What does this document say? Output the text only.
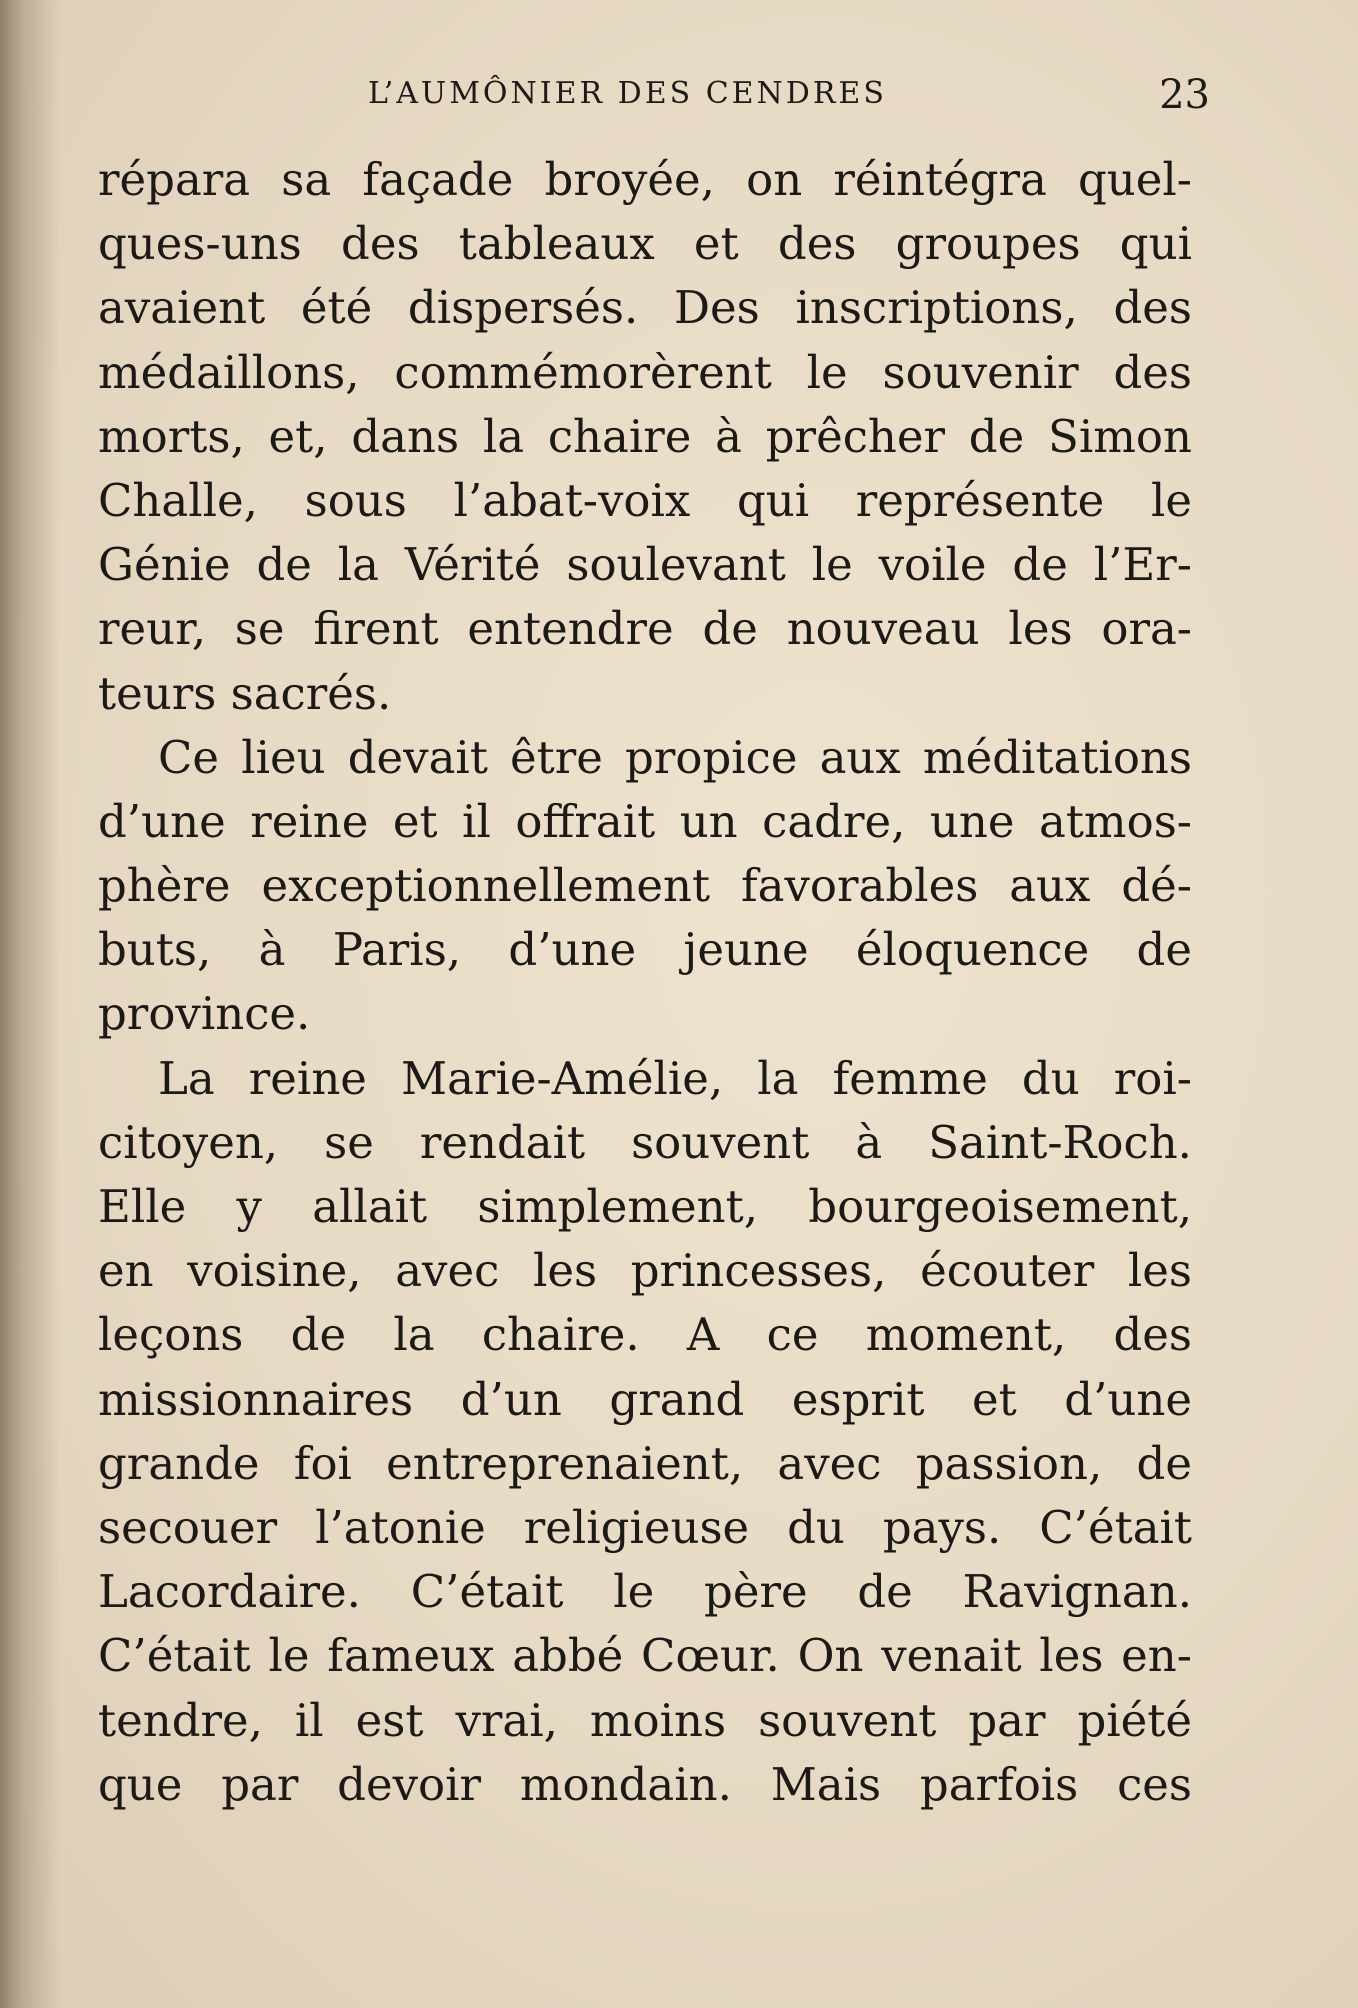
L’AUMÔNIER DES CENDRES	23
répara sa façade broyée, on réintégra quel-
ques-uns des tableaux et des groupes qui
avaient été dispersés. Des inscriptions, des
médaillons, commémorèrent le souvenir des
morts, et, dans la chaire à prêcher de Simon
Challe, sous l’abat-voix qui représente le
Génie de la Vérité soulevant le voile de l’Er-
reur, se firent entendre de nouveau les ora-
teurs sacrés.
Ce lieu devait être propice aux méditations
d’une reine et il offrait un cadre, une atmos-
phère exceptionnellement favorables aux dé-
buts, à Paris, d’une jeune éloquence de
province.
La reine Marie-Amélie, la femme du roi-
citoyen, se rendait souvent à Saint-Roch.
Elle y allait simplement, bourgeoisement,
en voisine, avec les princesses, écouter les
leçons de la chaire. A ce moment, des
missionnaires d’un grand esprit et d’une
grande foi entreprenaient, avec passion, de
secouer l’atonie religieuse du pays. C’était
Lacordaire. C’était le père de Ravignan.
C’était le fameux abbé Cœur. On venait les en-
tendre, il est vrai, moins souvent par piété
que par devoir mondain. Mais parfois ces
